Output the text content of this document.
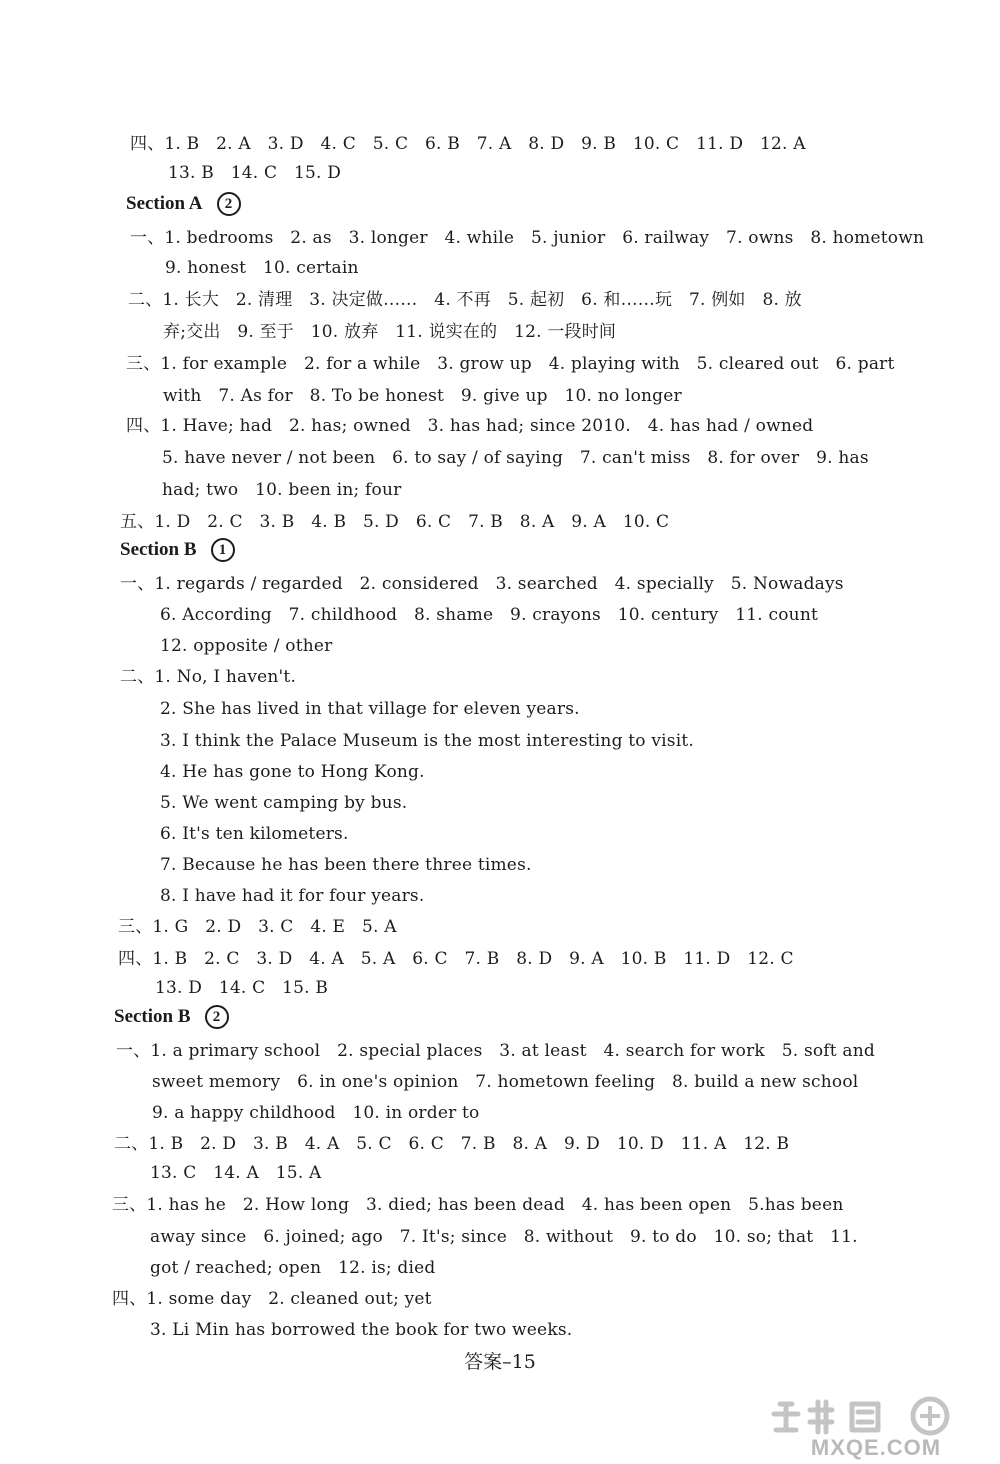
四、1. B   2. A   3. D   4. C   5. C   6. B   7. A   8. D   9. B   10. C   11. D   12. A
13. B   14. C   15. D
Section A 2
一、1. bedrooms   2. as   3. longer   4. while   5. junior   6. railway   7. owns   8. hometown
9. honest   10. certain
二、1. 长大   2. 清理   3. 决定做……   4. 不再   5. 起初   6. 和……玩   7. 例如   8. 放
弃;交出   9. 至于   10. 放弃   11. 说实在的   12. 一段时间
三、1. for example   2. for a while   3. grow up   4. playing with   5. cleared out   6. part
with   7. As for   8. To be honest   9. give up   10. no longer
四、1. Have; had   2. has; owned   3. has had; since 2010.   4. has had / owned
5. have never / not been   6. to say / of saying   7. can't miss   8. for over   9. has
had; two   10. been in; four
五、1. D   2. C   3. B   4. B   5. D   6. C   7. B   8. A   9. A   10. C
Section B 1
一、1. regards / regarded   2. considered   3. searched   4. specially   5. Nowadays
6. According   7. childhood   8. shame   9. crayons   10. century   11. count
12. opposite / other
二、1. No, I haven't.
2. She has lived in that village for eleven years.
3. I think the Palace Museum is the most interesting to visit.
4. He has gone to Hong Kong.
5. We went camping by bus.
6. It's ten kilometers.
7. Because he has been there three times.
8. I have had it for four years.
三、1. G   2. D   3. C   4. E   5. A
四、1. B   2. C   3. D   4. A   5. A   6. C   7. B   8. D   9. A   10. B   11. D   12. C
13. D   14. C   15. B
Section B 2
一、1. a primary school   2. special places   3. at least   4. search for work   5. soft and
sweet memory   6. in one's opinion   7. hometown feeling   8. build a new school
9. a happy childhood   10. in order to
二、1. B   2. D   3. B   4. A   5. C   6. C   7. B   8. A   9. D   10. D   11. A   12. B
13. C   14. A   15. A
三、1. has he   2. How long   3. died; has been dead   4. has been open   5.has been
away since   6. joined; ago   7. It's; since   8. without   9. to do   10. so; that   11.
got / reached; open   12. is; died
四、1. some day   2. cleaned out; yet
3. Li Min has borrowed the book for two weeks.
答案–15
MXQE.COM
